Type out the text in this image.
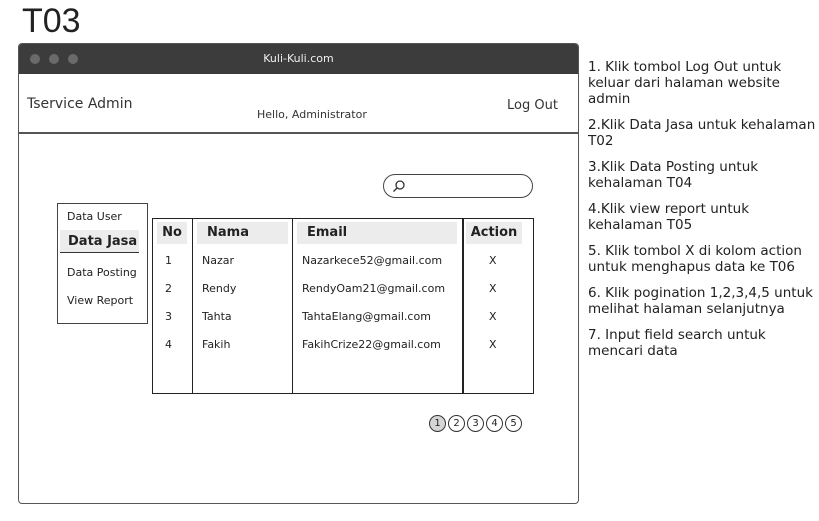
T03
Kuli-Kuli.com
Tservice Admin
Hello, Administrator
Log Out
Data User
Data Jasa
Data Posting
View Report
No	Nama	Email	Action
1	Nazar	Nazarkece52@gmail.com	X
2	Rendy	RendyOam21@gmail.com	X
3	Tahta	TahtaElang@gmail.com	X
4	Fakih	FakihCrize22@gmail.com	X
1	2	3	4	5
1. Klik tombol Log Out untuk keluar dari halaman website admin
2.Klik Data Jasa untuk kehalaman T02
3.Klik Data Posting untuk kehalaman T04
4.Klik view report untuk kehalaman T05
5. Klik tombol X di kolom action untuk menghapus data ke T06
6. Klik pogination 1,2,3,4,5 untuk melihat halaman selanjutnya
7. Input field search untuk mencari data
